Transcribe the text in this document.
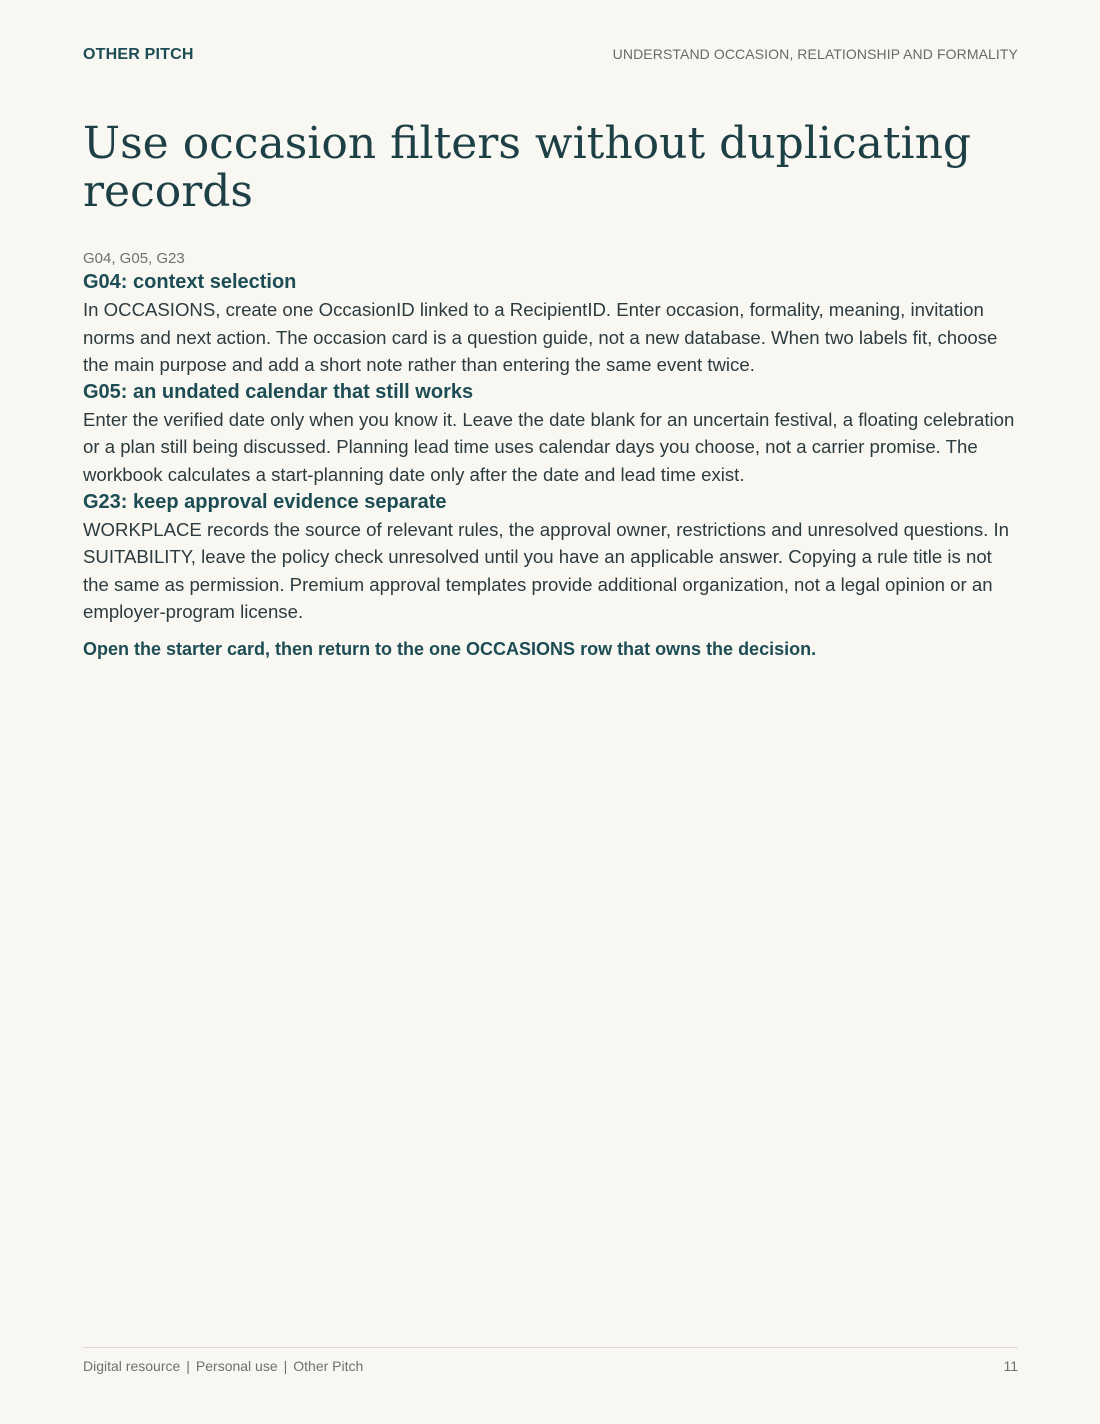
OTHER PITCH	UNDERSTAND OCCASION, RELATIONSHIP AND FORMALITY
Use occasion filters without duplicating records
G04, G05, G23
G04: context selection

In OCCASIONS, create one OccasionID linked to a RecipientID. Enter occasion, formality, meaning, invitation norms and next action. The occasion card is a question guide, not a new database. When two labels fit, choose the main purpose and add a short note rather than entering the same event twice.

G05: an undated calendar that still works

Enter the verified date only when you know it. Leave the date blank for an uncertain festival, a floating celebration or a plan still being discussed. Planning lead time uses calendar days you choose, not a carrier promise. The workbook calculates a start-planning date only after the date and lead time exist.

G23: keep approval evidence separate

WORKPLACE records the source of relevant rules, the approval owner, restrictions and unresolved questions. In SUITABILITY, leave the policy check unresolved until you have an applicable answer. Copying a rule title is not the same as permission. Premium approval templates provide additional organization, not a legal opinion or an employer-program license.

Open the starter card, then return to the one OCCASIONS row that owns the decision.

Digital resource | Personal use | Other Pitch	11
